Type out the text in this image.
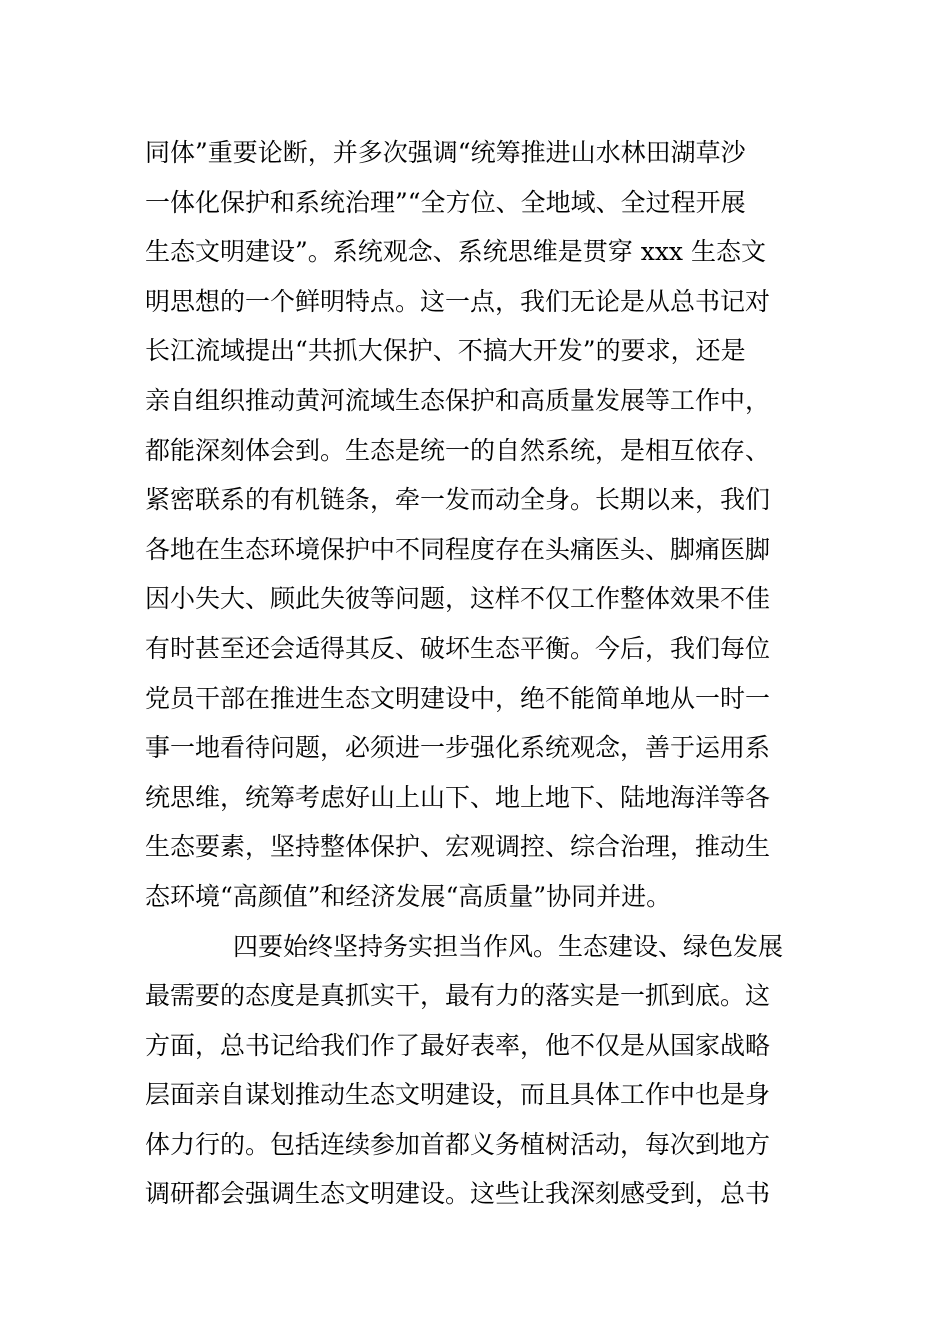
同体”重要论断，并多次强调“统筹推进山水林田湖草沙
一体化保护和系统治理”“全方位、全地域、全过程开展
生态文明建设”。系统观念、系统思维是贯穿 xxx 生态文
明思想的一个鲜明特点。这一点，我们无论是从总书记对
长江流域提出“共抓大保护、不搞大开发”的要求，还是
亲自组织推动黄河流域生态保护和高质量发展等工作中，
都能深刻体会到。生态是统一的自然系统，是相互依存、
紧密联系的有机链条，牵一发而动全身。长期以来，我们
各地在生态环境保护中不同程度存在头痛医头、脚痛医脚
因小失大、顾此失彼等问题，这样不仅工作整体效果不佳
有时甚至还会适得其反、破坏生态平衡。今后，我们每位
党员干部在推进生态文明建设中，绝不能简单地从一时一
事一地看待问题，必须进一步强化系统观念，善于运用系
统思维，统筹考虑好山上山下、地上地下、陆地海洋等各
生态要素，坚持整体保护、宏观调控、综合治理，推动生
态环境“高颜值”和经济发展“高质量”协同并进。
四要始终坚持务实担当作风。生态建设、绿色发展
最需要的态度是真抓实干，最有力的落实是一抓到底。这
方面，总书记给我们作了最好表率，他不仅是从国家战略
层面亲自谋划推动生态文明建设，而且具体工作中也是身
体力行的。包括连续参加首都义务植树活动，每次到地方
调研都会强调生态文明建设。这些让我深刻感受到，总书
